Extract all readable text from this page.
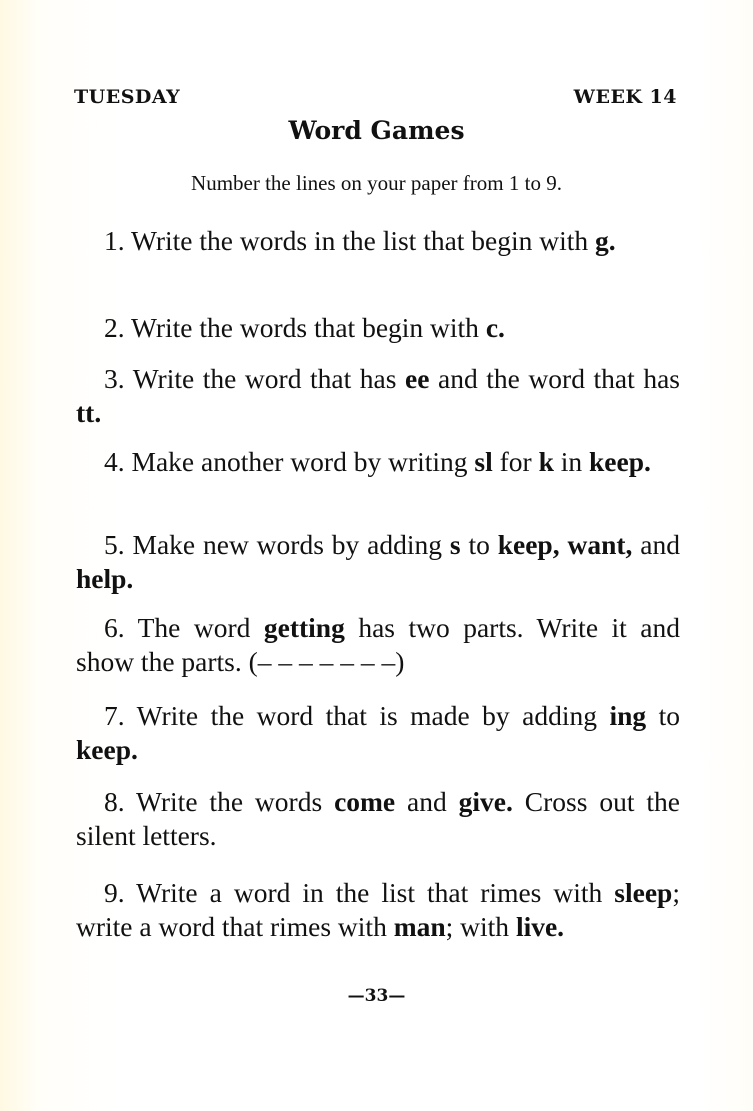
TUESDAY	WEEK 14
Word Games
Number the lines on your paper from 1 to 9.
1. Write the words in the list that begin with g.
2. Write the words that begin with c.
3. Write the word that has ee and the word that has tt.
4. Make another word by writing sl for k in keep.
5. Make new words by adding s to keep, want, and help.
6. The word getting has two parts. Write it and show the parts. (– – – – – – –)
7. Write the word that is made by adding ing to keep.
8. Write the words come and give. Cross out the silent letters.
9. Write a word in the list that rimes with sleep; write a word that rimes with man; with live.
—33—
